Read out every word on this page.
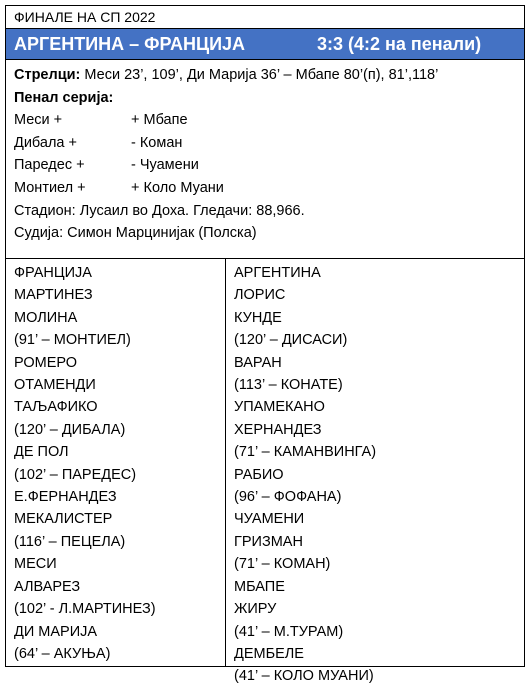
ФИНАЛЕ НА СП 2022
АРГЕНТИНА – ФРАНЦИЈА	3:3 (4:2 на пенали)
Стрелци: Меси 23’, 109’, Ди Марија 36’ – Мбапе 80’(п), 81’,118’
Пенал серија:
Меси +	+ Мбапе
Дибала +	- Коман
Паредес +	- Чуамени
Монтиел +	+ Коло Муани
Стадион: Лусаил во Доха. Гледачи: 88,966.
Судија: Симон Марциниjaк (Полска)
ФРАНЦИЈА
МАРТИНЕЗ
МОЛИНА
(91’ – МОНТИЕЛ)
РОМЕРО
ОТАМЕНДИ
ТАЉАФИКО
(120’ – ДИБАЛА)
ДЕ ПОЛ
(102’ – ПАРЕДЕС)
Е.ФЕРНАНДЕЗ
МЕКАЛИСТЕР
(116’ – ПЕЦЕЛА)
МЕСИ
АЛВАРЕЗ
(102’ - Л.МАРТИНЕЗ)
ДИ МАРИЈА
(64’ – АКУЊА)
АРГЕНТИНА
ЛОРИС
КУНДЕ
(120’ – ДИСАСИ)
ВАРАН
(113’ – КОНАТЕ)
УПАМЕКАНО
ХЕРНАНДЕЗ
(71’ – КАМАНВИНГА)
РАБИО
(96’ – ФОФАНА)
ЧУАМЕНИ
ГРИЗМАН
(71’ – КОМАН)
МБАПЕ
ЖИРУ
(41’ – М.ТУРАМ)
ДЕМБЕЛЕ
(41’ – КОЛО МУАНИ)
